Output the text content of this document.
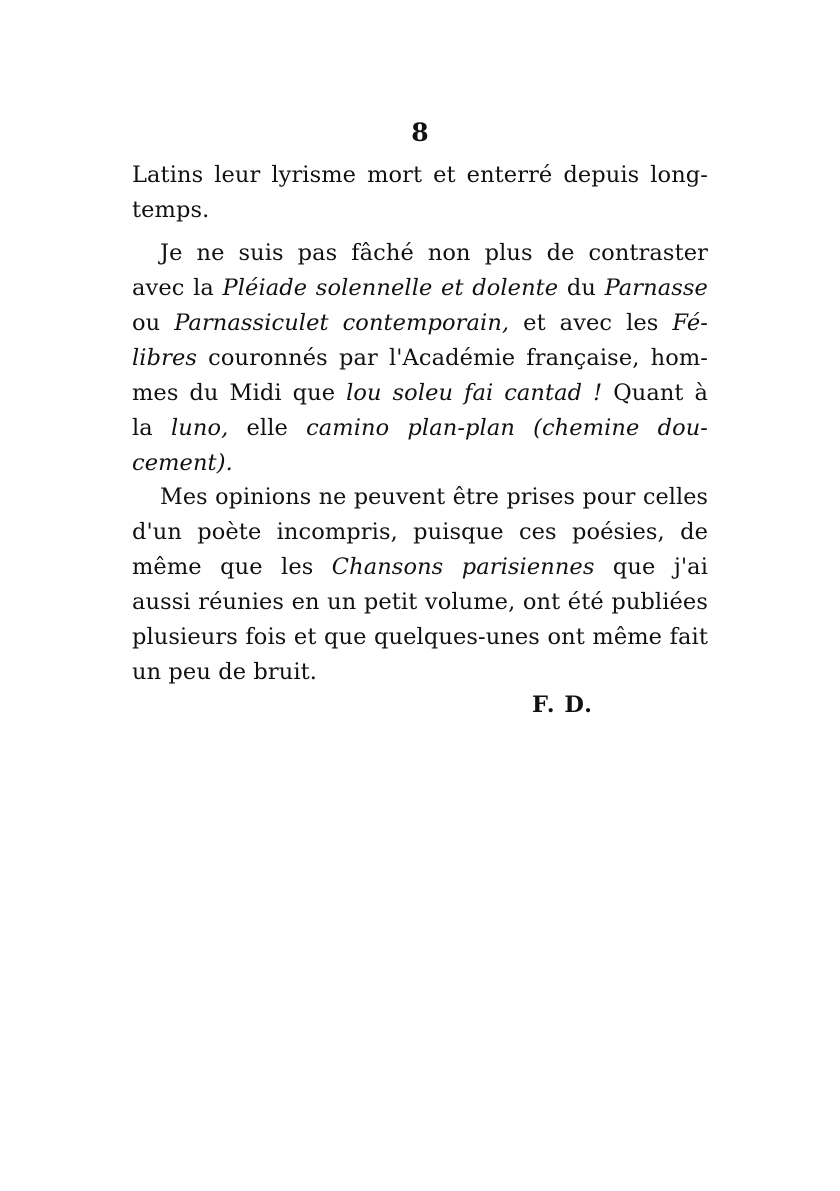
8

Latins leur lyrisme mort et enterré depuis long-
temps.

Je ne suis pas fâché non plus de contraster
avec la Pléiade solennelle et dolente du Parnasse
ou Parnassiculet contemporain, et avec les Fé-
libres couronnés par l'Académie française, hom-
mes du Midi que lou soleu fai cantad ! Quant à
la luno, elle camino plan-plan (chemine dou-
cement).

Mes opinions ne peuvent être prises pour celles
d'un poète incompris, puisque ces poésies, de
même que les Chansons parisiennes que j'ai
aussi réunies en un petit volume, ont été publiées
plusieurs fois et que quelques-unes ont même fait
un peu de bruit.

F. D.
